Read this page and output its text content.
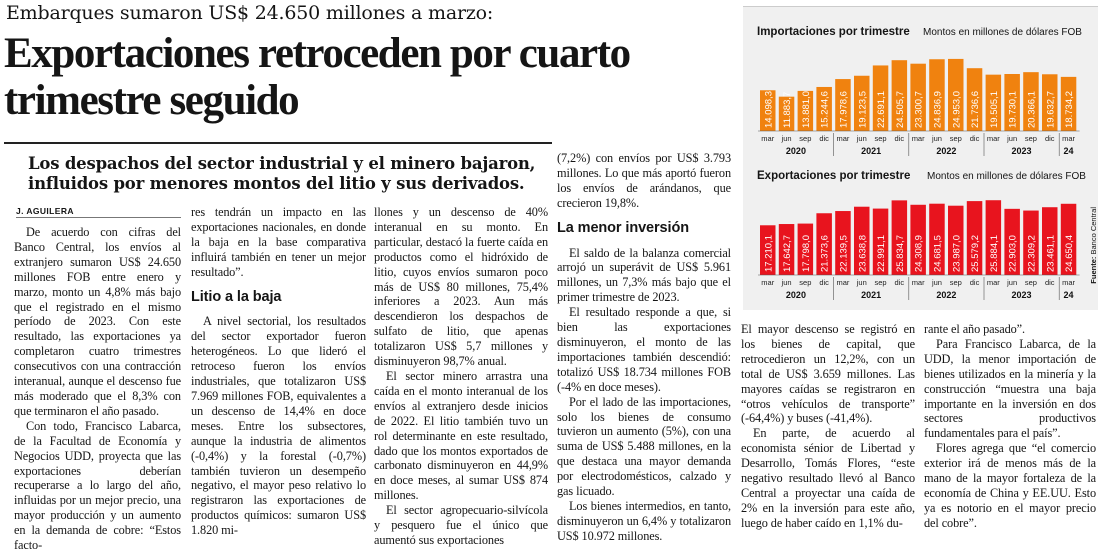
Embarques sumaron US$ 24.650 millones a marzo:
Exportaciones retroceden por cuarto trimestre seguido
Los despachos del sector industrial y el minero bajaron, influidos por menores montos del litio y sus derivados.
J. AGUILERA

De acuerdo con cifras del Banco Central, los envíos al extranjero sumaron US$ 24.650 millones FOB entre enero y marzo, monto un 4,8% más bajo que el registrado en el mismo período de 2023. Con este resultado, las exportaciones ya completaron cuatro trimestres consecutivos con una contracción interanual, aunque el descenso fue más moderado que el 8,3% con que terminaron el año pasado.

Con todo, Francisco Labarca, de la Facultad de Economía y Negocios UDD, proyecta que las exportaciones deberían recuperarse a lo largo del año, influidas por un mejor precio, una mayor producción y un aumento en la demanda de cobre: “Estos facto-

res tendrán un impacto en las exportaciones nacionales, en donde la baja en la base comparativa influirá también en tener un mejor resultado”.

Litio a la baja

A nivel sectorial, los resultados del sector exportador fueron heterogéneos. Lo que lideró el retroceso fueron los envíos industriales, que totalizaron US$ 7.969 millones FOB, equivalentes a un descenso de 14,4% en doce meses. Entre los subsectores, aunque la industria de alimentos (-0,4%) y la forestal (-0,7%) también tuvieron un desempeño negativo, el mayor peso relativo lo registraron las exportaciones de productos químicos: sumaron US$ 1.820 mi-

llones y un descenso de 40% interanual en su monto. En particular, destacó la fuerte caída en productos como el hidróxido de litio, cuyos envíos sumaron poco más de US$ 80 millones, 75,4% inferiores a 2023. Aun más descendieron los despachos de sulfato de litio, que apenas totalizaron US$ 5,7 millones y disminuyeron 98,7% anual.

El sector minero arrastra una caída en el monto interanual de los envíos al extranjero desde inicios de 2022. El litio también tuvo un rol determinante en este resultado, dado que los montos exportados de carbonato disminuyeron en 44,9% en doce meses, al sumar US$ 874 millones.

El sector agropecuario-silvícola y pesquero fue el único que aumentó sus exportaciones

(7,2%) con envíos por US$ 3.793 millones. Lo que más aportó fueron los envíos de arándanos, que crecieron 19,8%.

La menor inversión

El saldo de la balanza comercial arrojó un superávit de US$ 5.961 millones, un 7,3% más bajo que el primer trimestre de 2023.

El resultado responde a que, si bien las exportaciones disminuyeron, el monto de las importaciones también descendió: totalizó US$ 18.734 millones FOB (-4% en doce meses).

Por el lado de las importaciones, solo los bienes de consumo tuvieron un aumento (5%), con una suma de US$ 5.488 millones, en la que destaca una mayor demanda por electrodomésticos, calzado y gas licuado.

Los bienes intermedios, en tanto, disminuyeron un 6,4% y totalizaron US$ 10.972 millones.

El mayor descenso se registró en los bienes de capital, que retrocedieron un 12,2%, con un total de US$ 3.659 millones. Las mayores caídas se registraron en “otros vehículos de transporte” (-64,4%) y buses (-41,4%).

En parte, de acuerdo al economista sénior de Libertad y Desarrollo, Tomás Flores, “este negativo resultado llevó al Banco Central a proyectar una caída de 2% en la inversión para este año, luego de haber caído en 1,1% du-

rante el año pasado”.

Para Francisco Labarca, de la UDD, la menor importación de bienes utilizados en la minería y la construcción “muestra una baja importante en la inversión en dos sectores productivos fundamentales para el país”.

Flores agrega que “el comercio exterior irá de menos más de la mano de la mayor fortaleza de la economía de China y EE.UU. Esto ya es notorio en el mayor precio del cobre”.

Importaciones por trimestre Montos en millones de dólares FOB
14.098,3
mar
11.883,7
jun
13.881,0
sep
15.244,6
dic
17.978,6
mar
19.123,5
jun
22.691,1
sep
24.505,7
dic
23.300,7
mar
24.836,9
jun
24.953,0
sep
21.736,6
dic
19.505,1
mar
19.730,1
jun
20.366,1
sep
19.632,7
dic
18.734,2
mar
2020	2021	2022	2023	24
Exportaciones por trimestre Montos en millones de dólares FOB
17.210,1
mar
17.642,7
jun
17.798,0
sep
21.373,6
dic
22.139,5
mar
23.638,8
jun
22.991,1
sep
25.834,7
dic
24.308,9
mar
24.681,5
jun
23.987,0
sep
25.579,2
dic
25.884,1
mar
22.903,0
jun
22.309,2
sep
23.461,1
dic
24.650,4
mar
2020	2021	2022	2023	24
Fuente: Banco Central
